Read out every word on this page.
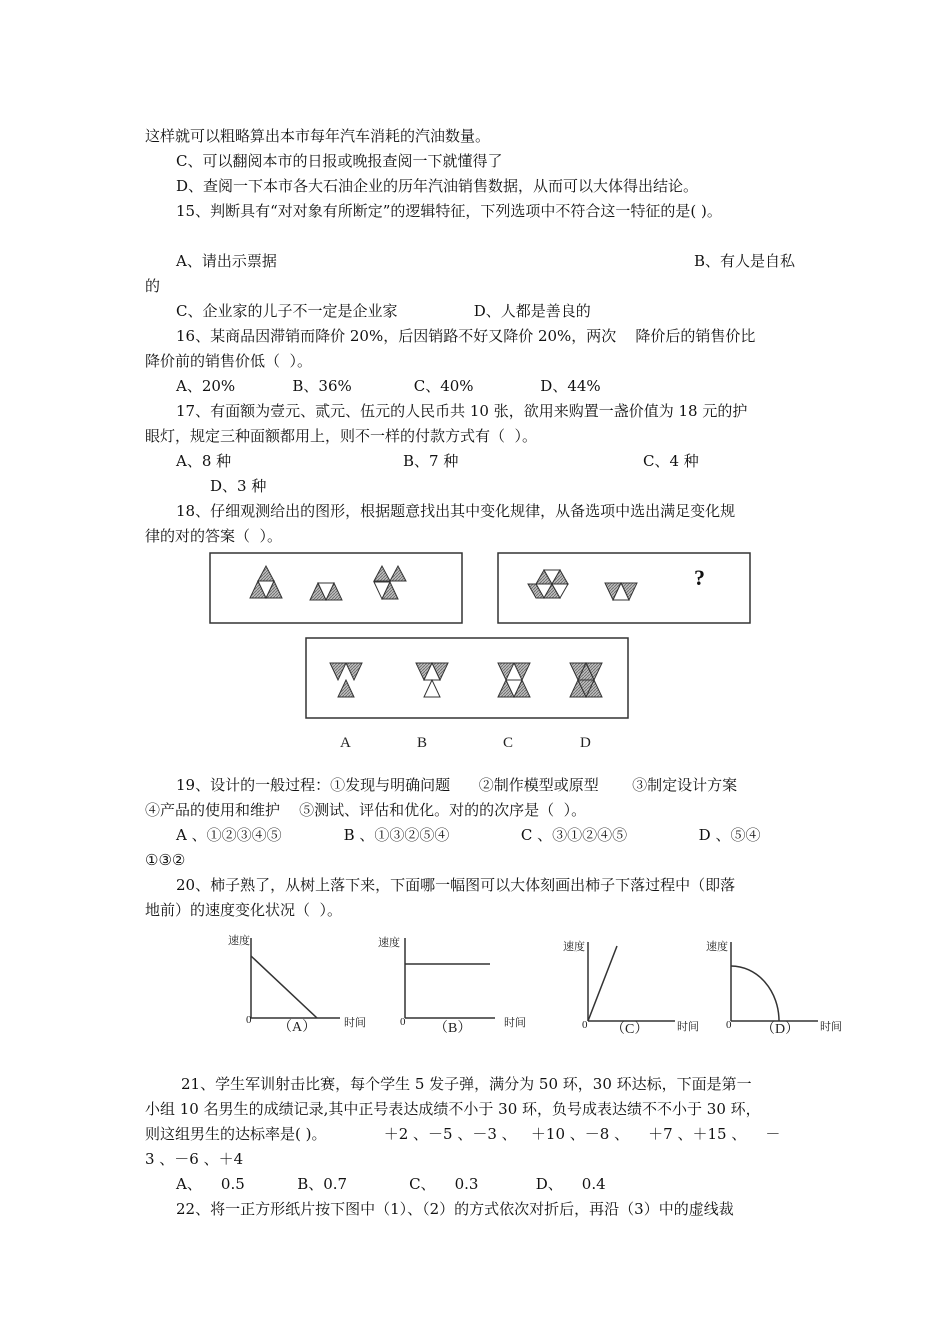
这样就可以粗略算出本市每年汽车消耗的汽油数量。
C、可以翻阅本市的日报或晚报查阅一下就懂得了
D、查阅一下本市各大石油企业的历年汽油销售数据，从而可以大体得出结论。
15、判断具有“对对象有所断定”的逻辑特征，下列选项中不符合这一特征的是( )。
A、请出示票据	B、有人是自私
的
C、企业家的儿子不一定是企业家                D、人都是善良的
16、某商品因滞销而降价 20%，后因销路不好又降价 20%，两次    降价后的销售价比
降价前的销售价低（  ）。
A、20%            B、36%             C、40%              D、44%
17、有面额为壹元、贰元、伍元的人民币共 10 张，欲用来购置一盏价值为 18 元的护
眼灯，规定三种面额都用上，则不一样的付款方式有（  ）。
A、8 种	B、7 种	C、4 种
D、3 种
18、仔细观测给出的图形，根据题意找出其中变化规律，从备选项中选出满足变化规
律的对的答案（  ）。
?
A	B	C	D
19、设计的一般过程：①发现与明确问题      ②制作模型或原型       ③制定设计方案
④产品的使用和维护    ⑤测试、评估和优化。对的的次序是（  ）。
A 、①②③④⑤             B 、①③②⑤④               C 、③①②④⑤               D 、⑤④
①③②
20、柿子熟了，从树上落下来，下面哪一幅图可以大体刻画出柿子下落过程中（即落
地前）的速度变化状况（  ）。
速度
0 （A）	时间
速度
0 （B）	时间
速度
0 （C）	时间
速度
0 （D） 时间
21、学生军训射击比赛，每个学生 5 发子弹，满分为 50 环，30 环达标，下面是第一
小组 10 名男生的成绩记录,其中正号表达成绩不小于 30 环，负号成表达绩不不小于 30 环，
则这组男生的达标率是( )。            ＋2 、－5 、－3 、   ＋10 、－8 、    ＋7 、＋15 、    －
3 、－6 、＋4
A、    0.5           B、0.7             C、    0.3            D、    0.4
22、将一正方形纸片按下图中（1）、（2）的方式依次对折后，再沿（3）中的虚线裁
